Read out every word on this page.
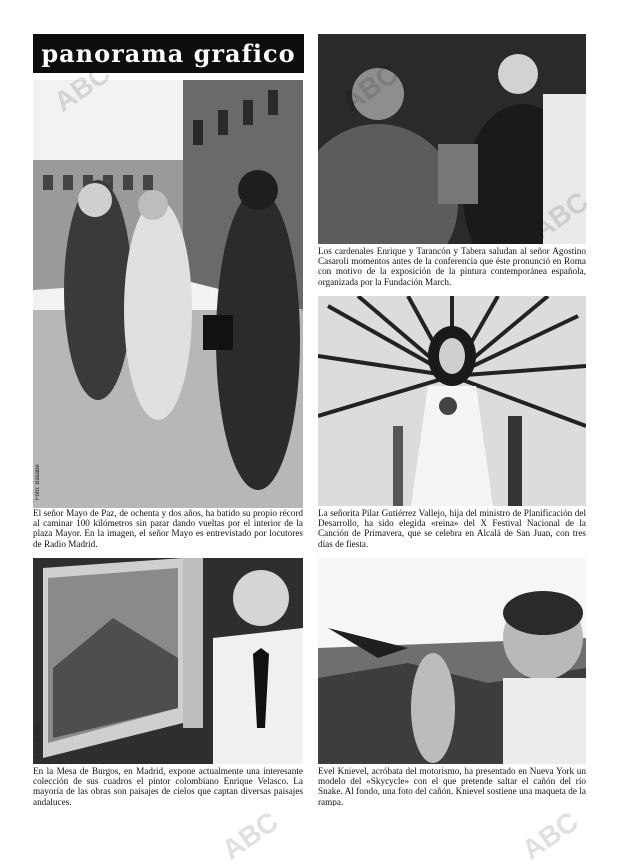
panorama grafico
Foto: Basabe
El señor Mayo de Paz, de ochenta y dos años, ha batido su propio récord al caminar 100 kilómetros sin parar dando vueltas por el interior de la plaza Mayor. En la imagen, el señor Mayo es entrevistado por locutores de Radio Madrid.
Los cardenales Enrique y Tarancón y Tabera saludan al señor Agostino Casaroli momentos antes de la conferencia que éste pronunció en Roma con motivo de la exposición de la pintura contemporánea española, organizada por la Fundación March.
La señorita Pilar Gutiérrez Vallejo, hija del ministro de Planificación del Desarrollo, ha sido elegida «reina» del X Festival Nacional de la Canción de Primavera, que se celebra en Alcalá de San Juan, con tres días de fiesta.
Foto: Basabe
En la Mesa de Burgos, en Madrid, expone actualmente una interesante colección de sus cuadros el pintor colombiano Enrique Velasco. La mayoría de las obras son paisajes de cielos que captan diversas paisajes andaluces.
Evel Knievel, acróbata del motorismo, ha presentado en Nueva York un modelo del «Skycycle» con el que pretende saltar el cañón del río Snake. Al fondo, una foto del cañón. Knievel sostiene una maqueta de la rampa.
ABC	ABC
